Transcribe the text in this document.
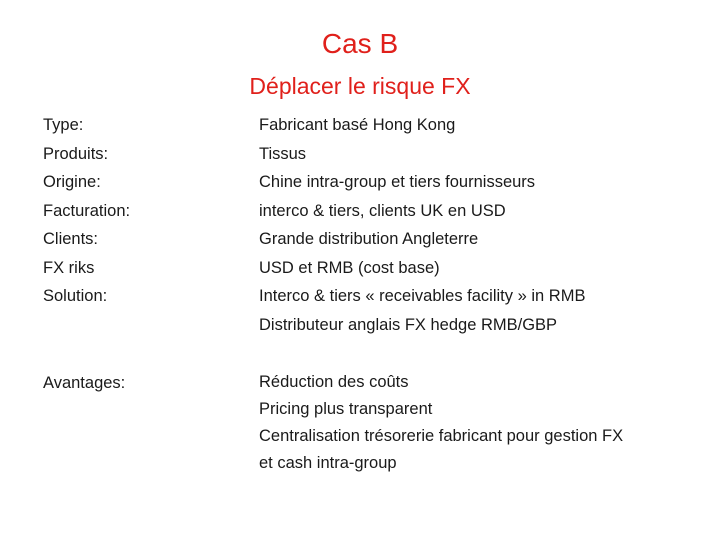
Cas B
Déplacer le risque FX
Type:
Produits:
Origine:
Facturation:
Clients:
FX riks
Solution:
Fabricant basé Hong Kong
Tissus
Chine intra-group et tiers fournisseurs
interco & tiers, clients UK en USD
Grande distribution Angleterre
USD et RMB (cost base)
Interco & tiers « receivables facility » in RMB
Distributeur anglais FX hedge RMB/GBP
Avantages:	Réduction des coûts
Pricing plus transparent
Centralisation trésorerie fabricant pour gestion FX
et cash intra-group
